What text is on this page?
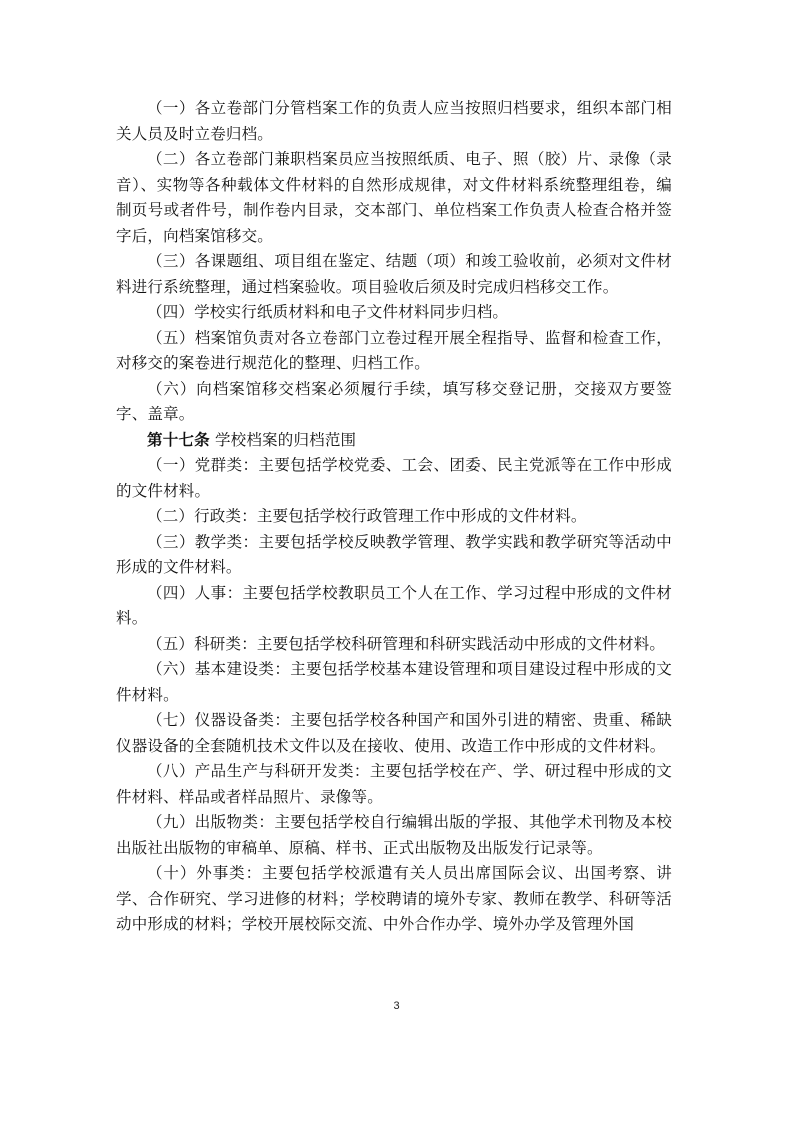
（一）各立卷部门分管档案工作的负责人应当按照归档要求，组织本部门相关人员及时立卷归档。

（二）各立卷部门兼职档案员应当按照纸质、电子、照（胶）片、录像（录音）、实物等各种载体文件材料的自然形成规律，对文件材料系统整理组卷，编制页号或者件号，制作卷内目录，交本部门、单位档案工作负责人检查合格并签字后，向档案馆移交。

（三）各课题组、项目组在鉴定、结题（项）和竣工验收前，必须对文件材料进行系统整理，通过档案验收。项目验收后须及时完成归档移交工作。

（四）学校实行纸质材料和电子文件材料同步归档。

（五）档案馆负责对各立卷部门立卷过程开展全程指导、监督和检查工作，对移交的案卷进行规范化的整理、归档工作。

（六）向档案馆移交档案必须履行手续，填写移交登记册，交接双方要签字、盖章。

第十七条 学校档案的归档范围

（一）党群类：主要包括学校党委、工会、团委、民主党派等在工作中形成的文件材料。

（二）行政类：主要包括学校行政管理工作中形成的文件材料。

（三）教学类：主要包括学校反映教学管理、教学实践和教学研究等活动中形成的文件材料。

（四）人事：主要包括学校教职员工个人在工作、学习过程中形成的文件材料。

（五）科研类：主要包括学校科研管理和科研实践活动中形成的文件材料。

（六）基本建设类：主要包括学校基本建设管理和项目建设过程中形成的文件材料。

（七）仪器设备类：主要包括学校各种国产和国外引进的精密、贵重、稀缺仪器设备的全套随机技术文件以及在接收、使用、改造工作中形成的文件材料。

（八）产品生产与科研开发类：主要包括学校在产、学、研过程中形成的文件材料、样品或者样品照片、录像等。

（九）出版物类：主要包括学校自行编辑出版的学报、其他学术刊物及本校出版社出版物的审稿单、原稿、样书、正式出版物及出版发行记录等。

（十）外事类：主要包括学校派遣有关人员出席国际会议、出国考察、讲学、合作研究、学习进修的材料；学校聘请的境外专家、教师在教学、科研等活动中形成的材料；学校开展校际交流、中外合作办学、境外办学及管理外国

3
